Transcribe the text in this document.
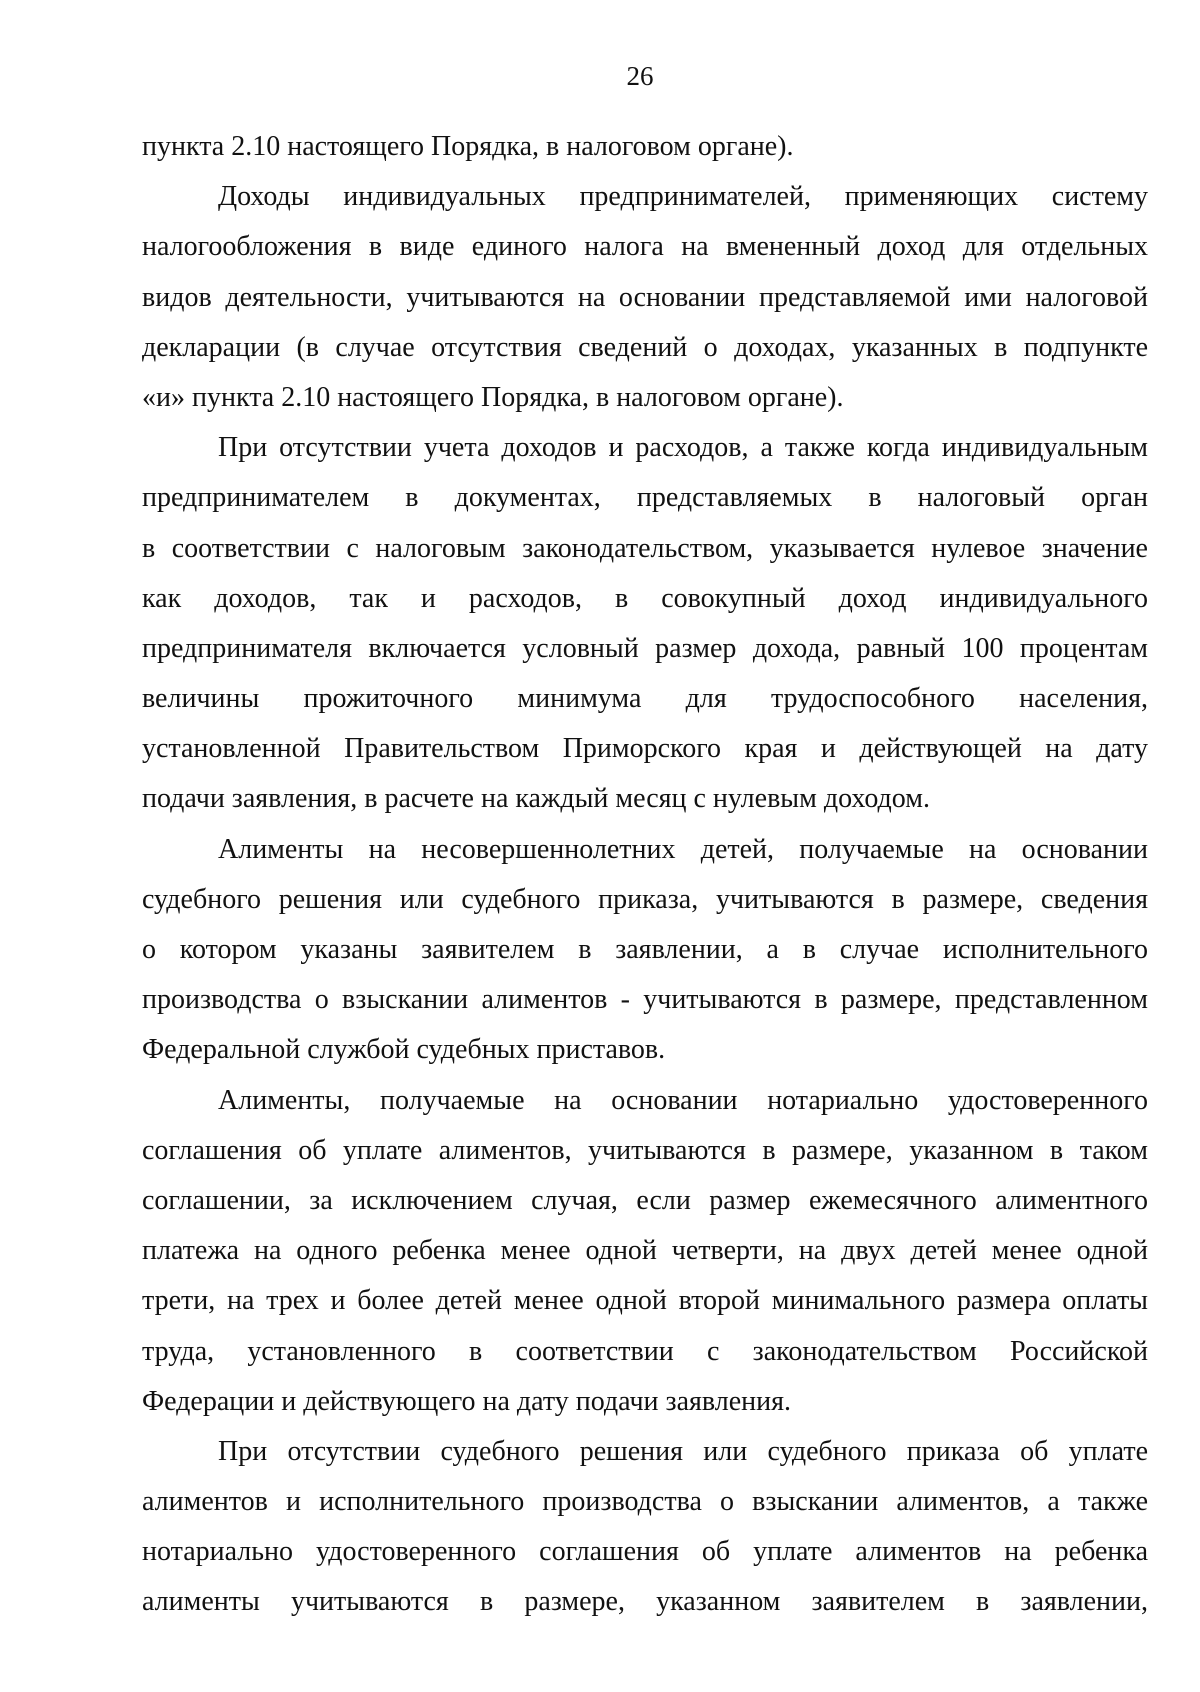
26
пункта 2.10 настоящего Порядка, в налоговом органе).
Доходы индивидуальных предпринимателей, применяющих систему
налогообложения в виде единого налога на вмененный доход для отдельных
видов деятельности, учитываются на основании представляемой ими налоговой
декларации (в случае отсутствия сведений о доходах, указанных в подпункте
«и» пункта 2.10 настоящего Порядка, в налоговом органе).
При отсутствии учета доходов и расходов, а также когда индивидуальным
предпринимателем в документах, представляемых в налоговый орган
в соответствии с налоговым законодательством, указывается нулевое значение
как доходов, так и расходов, в совокупный доход индивидуального
предпринимателя включается условный размер дохода, равный 100 процентам
величины прожиточного минимума для трудоспособного населения,
установленной Правительством Приморского края и действующей на дату
подачи заявления, в расчете на каждый месяц с нулевым доходом.
Алименты на несовершеннолетних детей, получаемые на основании
судебного решения или судебного приказа, учитываются в размере, сведения
о котором указаны заявителем в заявлении, а в случае исполнительного
производства о взыскании алиментов - учитываются в размере, представленном
Федеральной службой судебных приставов.
Алименты, получаемые на основании нотариально удостоверенного
соглашения об уплате алиментов, учитываются в размере, указанном в таком
соглашении, за исключением случая, если размер ежемесячного алиментного
платежа на одного ребенка менее одной четверти, на двух детей менее одной
трети, на трех и более детей менее одной второй минимального размера оплаты
труда, установленного в соответствии с законодательством Российской
Федерации и действующего на дату подачи заявления.
При отсутствии судебного решения или судебного приказа об уплате
алиментов и исполнительного производства о взыскании алиментов, а также
нотариально удостоверенного соглашения об уплате алиментов на ребенка
алименты учитываются в размере, указанном заявителем в заявлении,
